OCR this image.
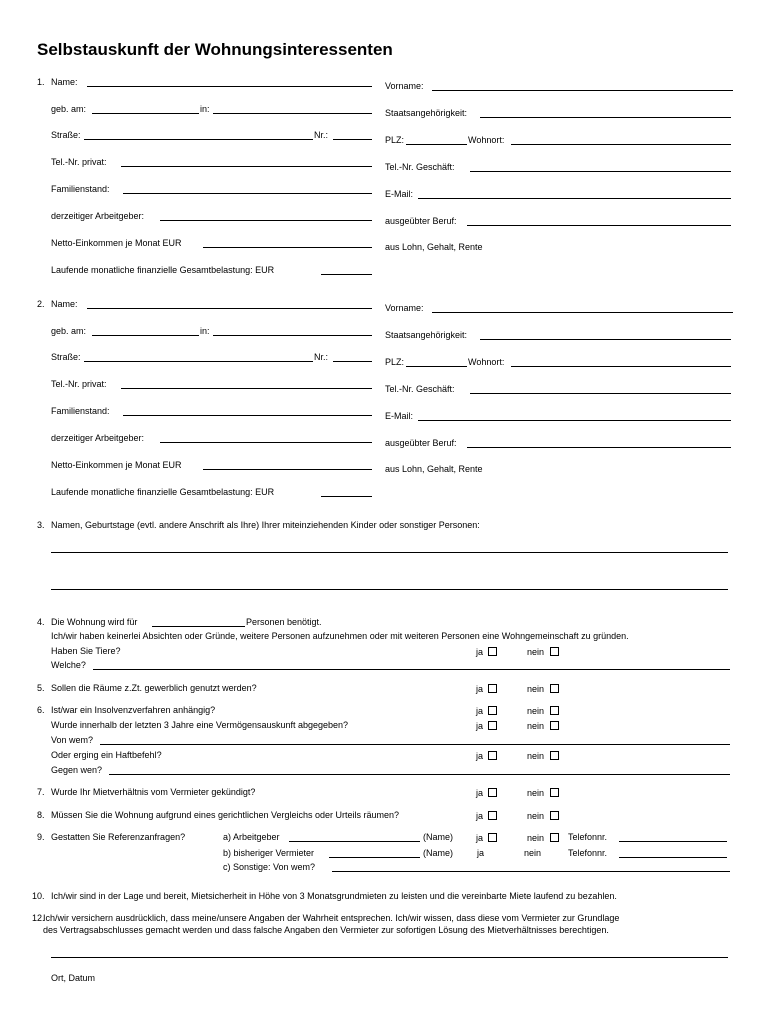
Selbstauskunft der Wohnungsinteressenten
1. Name:	Vorname:
geb. am:	in:	Staatsangehörigkeit:
Straße:	Nr.:	PLZ:	Wohnort:
Tel.-Nr. privat:	Tel.-Nr. Geschäft:
Familienstand:	E-Mail:
derzeitiger Arbeitgeber:	ausgeübter Beruf:
Netto-Einkommen je Monat EUR	aus Lohn, Gehalt, Rente
Laufende monatliche finanzielle Gesamtbelastung: EUR
2. Name:	Vorname:
geb. am:	in:	Staatsangehörigkeit:
Straße:	Nr.:	PLZ:	Wohnort:
Tel.-Nr. privat:	Tel.-Nr. Geschäft:
Familienstand:	E-Mail:
derzeitiger Arbeitgeber:	ausgeübter Beruf:
Netto-Einkommen je Monat EUR	aus Lohn, Gehalt, Rente
Laufende monatliche finanzielle Gesamtbelastung: EUR
3. Namen, Geburtstage (evtl. andere Anschrift als Ihre) Ihrer miteinziehenden Kinder oder sonstiger Personen:
4. Die Wohnung wird für	Personen benötigt.
Ich/wir haben keinerlei Absichten oder Gründe, weitere Personen aufzunehmen oder mit weiteren Personen eine Wohngemeinschaft zu gründen.
Haben Sie Tiere?	ja	nein
Welche?
5. Sollen die Räume z.Zt. gewerblich genutzt werden?	ja	nein
6. Ist/war ein Insolvenzverfahren anhängig?	ja	nein
Wurde innerhalb der letzten 3 Jahre eine Vermögensauskunft abgegeben?	ja	nein
Von wem?
Oder erging ein Haftbefehl?	ja	nein
Gegen wen?
7. Wurde Ihr Mietverhältnis vom Vermieter gekündigt?	ja	nein
8. Müssen Sie die Wohnung aufgrund eines gerichtlichen Vergleichs oder Urteils räumen?	ja	nein
9. Gestatten Sie Referenzanfragen?	a) Arbeitgeber	(Name)	ja	nein	Telefonnr.
b) bisheriger Vermieter	(Name)	ja	nein	Telefonnr.
c) Sonstige: Von wem?
10. Ich/wir sind in der Lage und bereit, Mietsicherheit in Höhe von 3 Monatsgrundmieten zu leisten und die vereinbarte Miete laufend zu bezahlen.
12.
Ich/wir versichern ausdrücklich, dass meine/unsere Angaben der Wahrheit entsprechen. Ich/wir wissen, dass diese vom Vermieter zur Grundlage
des Vertragsabschlusses gemacht werden und dass falsche Angaben den Vermieter zur sofortigen Lösung des Mietverhältnisses berechtigen.
Ort, Datum
